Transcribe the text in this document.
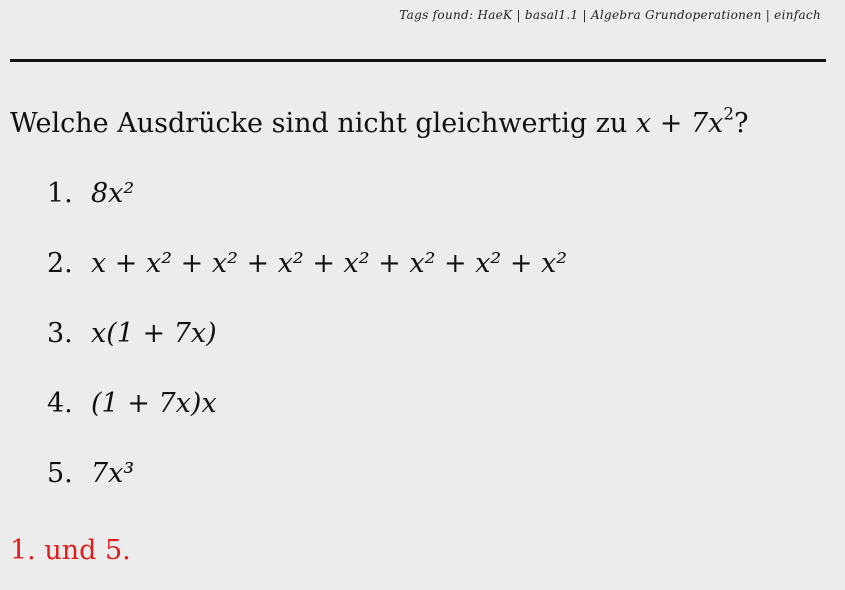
Tags found: HaeK | basal1.1 | Algebra Grundoperationen | einfach
Welche Ausdrücke sind nicht gleichwertig zu $x + 7x^2$?
1. 8x²
2. x + x² + x² + x² + x² + x² + x² + x²
3. x(1 + 7x)
4. (1 + 7x)x
5. 7x³
1. und 5.
